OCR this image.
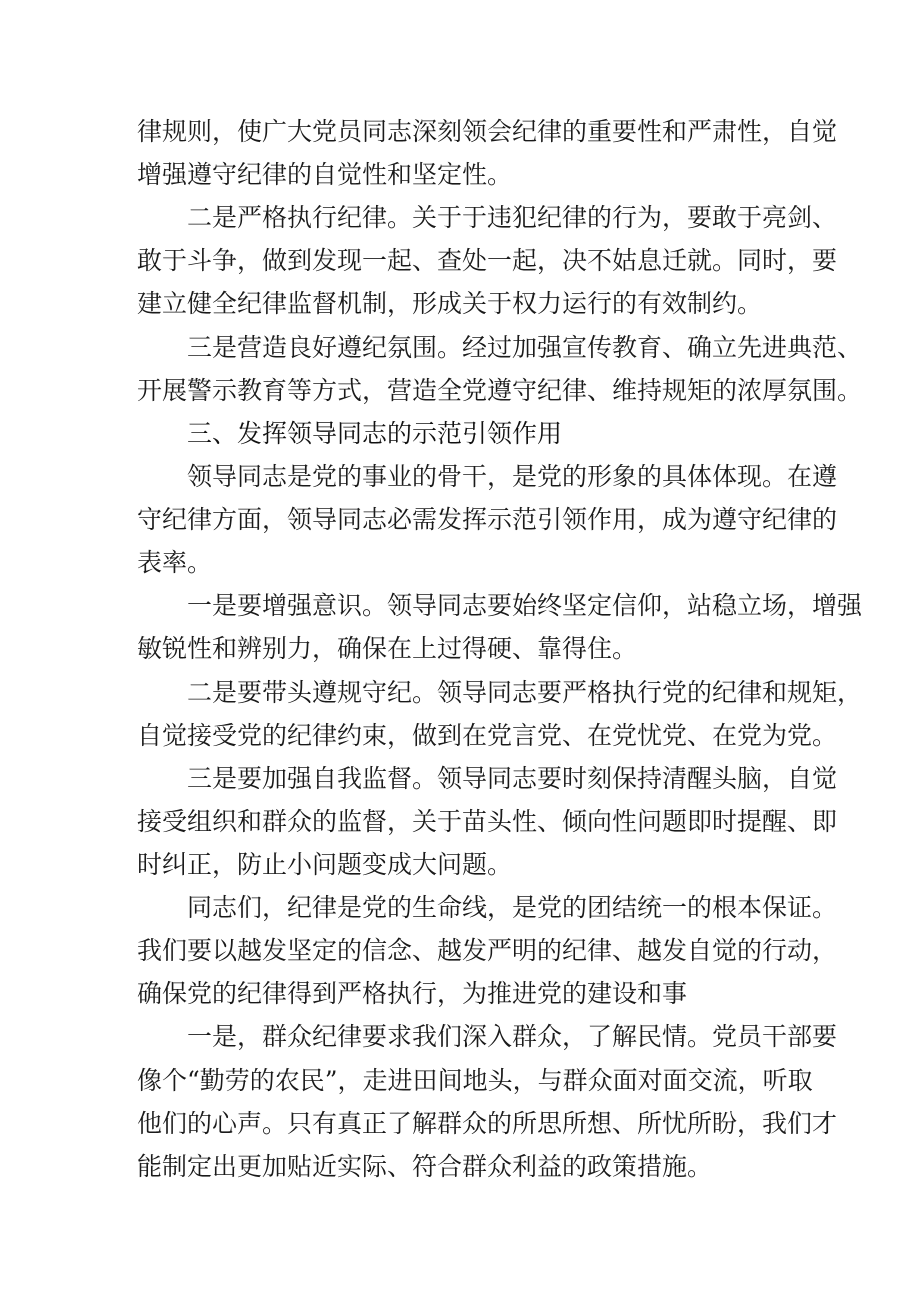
律规则，使广大党员同志深刻领会纪律的重要性和严肃性，自觉
增强遵守纪律的自觉性和坚定性。
二是严格执行纪律。关于于违犯纪律的行为，要敢于亮剑、
敢于斗争，做到发现一起、查处一起，决不姑息迁就。同时，要
建立健全纪律监督机制，形成关于权力运行的有效制约。
三是营造良好遵纪氛围。经过加强宣传教育、确立先进典范、
开展警示教育等方式，营造全党遵守纪律、维持规矩的浓厚氛围。
三、发挥领导同志的示范引领作用
领导同志是党的事业的骨干，是党的形象的具体体现。在遵
守纪律方面，领导同志必需发挥示范引领作用，成为遵守纪律的
表率。
一是要增强意识。领导同志要始终坚定信仰，站稳立场，增强
敏锐性和辨别力，确保在上过得硬、靠得住。
二是要带头遵规守纪。领导同志要严格执行党的纪律和规矩，
自觉接受党的纪律约束，做到在党言党、在党忧党、在党为党。
三是要加强自我监督。领导同志要时刻保持清醒头脑，自觉
接受组织和群众的监督，关于苗头性、倾向性问题即时提醒、即
时纠正，防止小问题变成大问题。
同志们，纪律是党的生命线，是党的团结统一的根本保证。
我们要以越发坚定的信念、越发严明的纪律、越发自觉的行动，
确保党的纪律得到严格执行，为推进党的建设和事
一是，群众纪律要求我们深入群众，了解民情。党员干部要
像个“勤劳的农民”，走进田间地头，与群众面对面交流，听取
他们的心声。只有真正了解群众的所思所想、所忧所盼，我们才
能制定出更加贴近实际、符合群众利益的政策措施。
